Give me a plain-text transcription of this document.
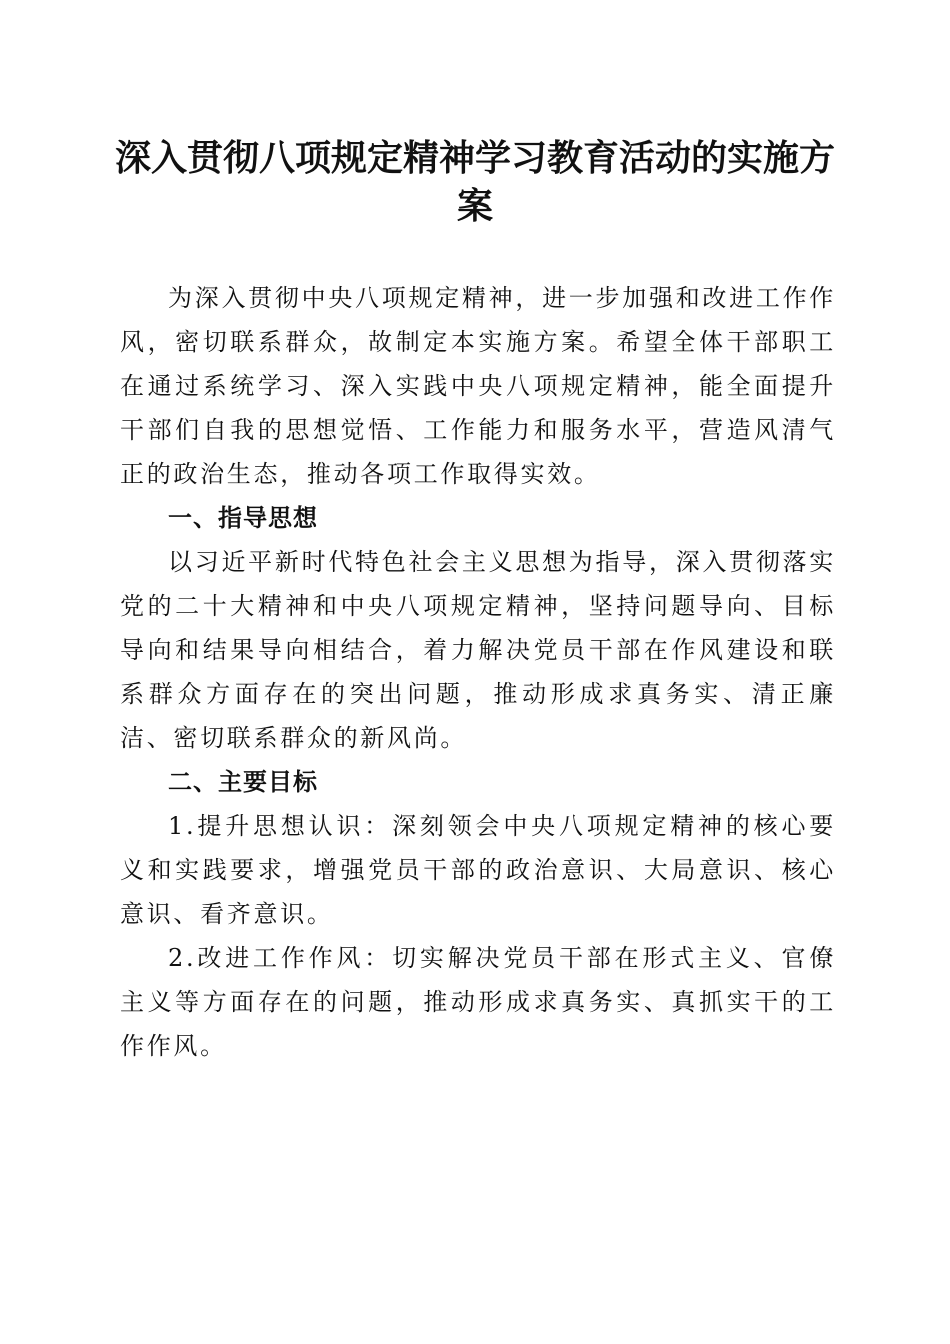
深入贯彻八项规定精神学习教育活动的实施方
案

为深入贯彻中央八项规定精神，进一步加强和改进工作作风，密切联系群众，故制定本实施方案。希望全体干部职工在通过系统学习、深入实践中央八项规定精神，能全面提升干部们自我的思想觉悟、工作能力和服务水平，营造风清气正的政治生态，推动各项工作取得实效。

一、指导思想

以习近平新时代特色社会主义思想为指导，深入贯彻落实党的二十大精神和中央八项规定精神，坚持问题导向、目标导向和结果导向相结合，着力解决党员干部在作风建设和联系群众方面存在的突出问题，推动形成求真务实、清正廉洁、密切联系群众的新风尚。

二、主要目标

1.提升思想认识：深刻领会中央八项规定精神的核心要义和实践要求，增强党员干部的政治意识、大局意识、核心意识、看齐意识。

2.改进工作作风：切实解决党员干部在形式主义、官僚主义等方面存在的问题，推动形成求真务实、真抓实干的工作作风。
